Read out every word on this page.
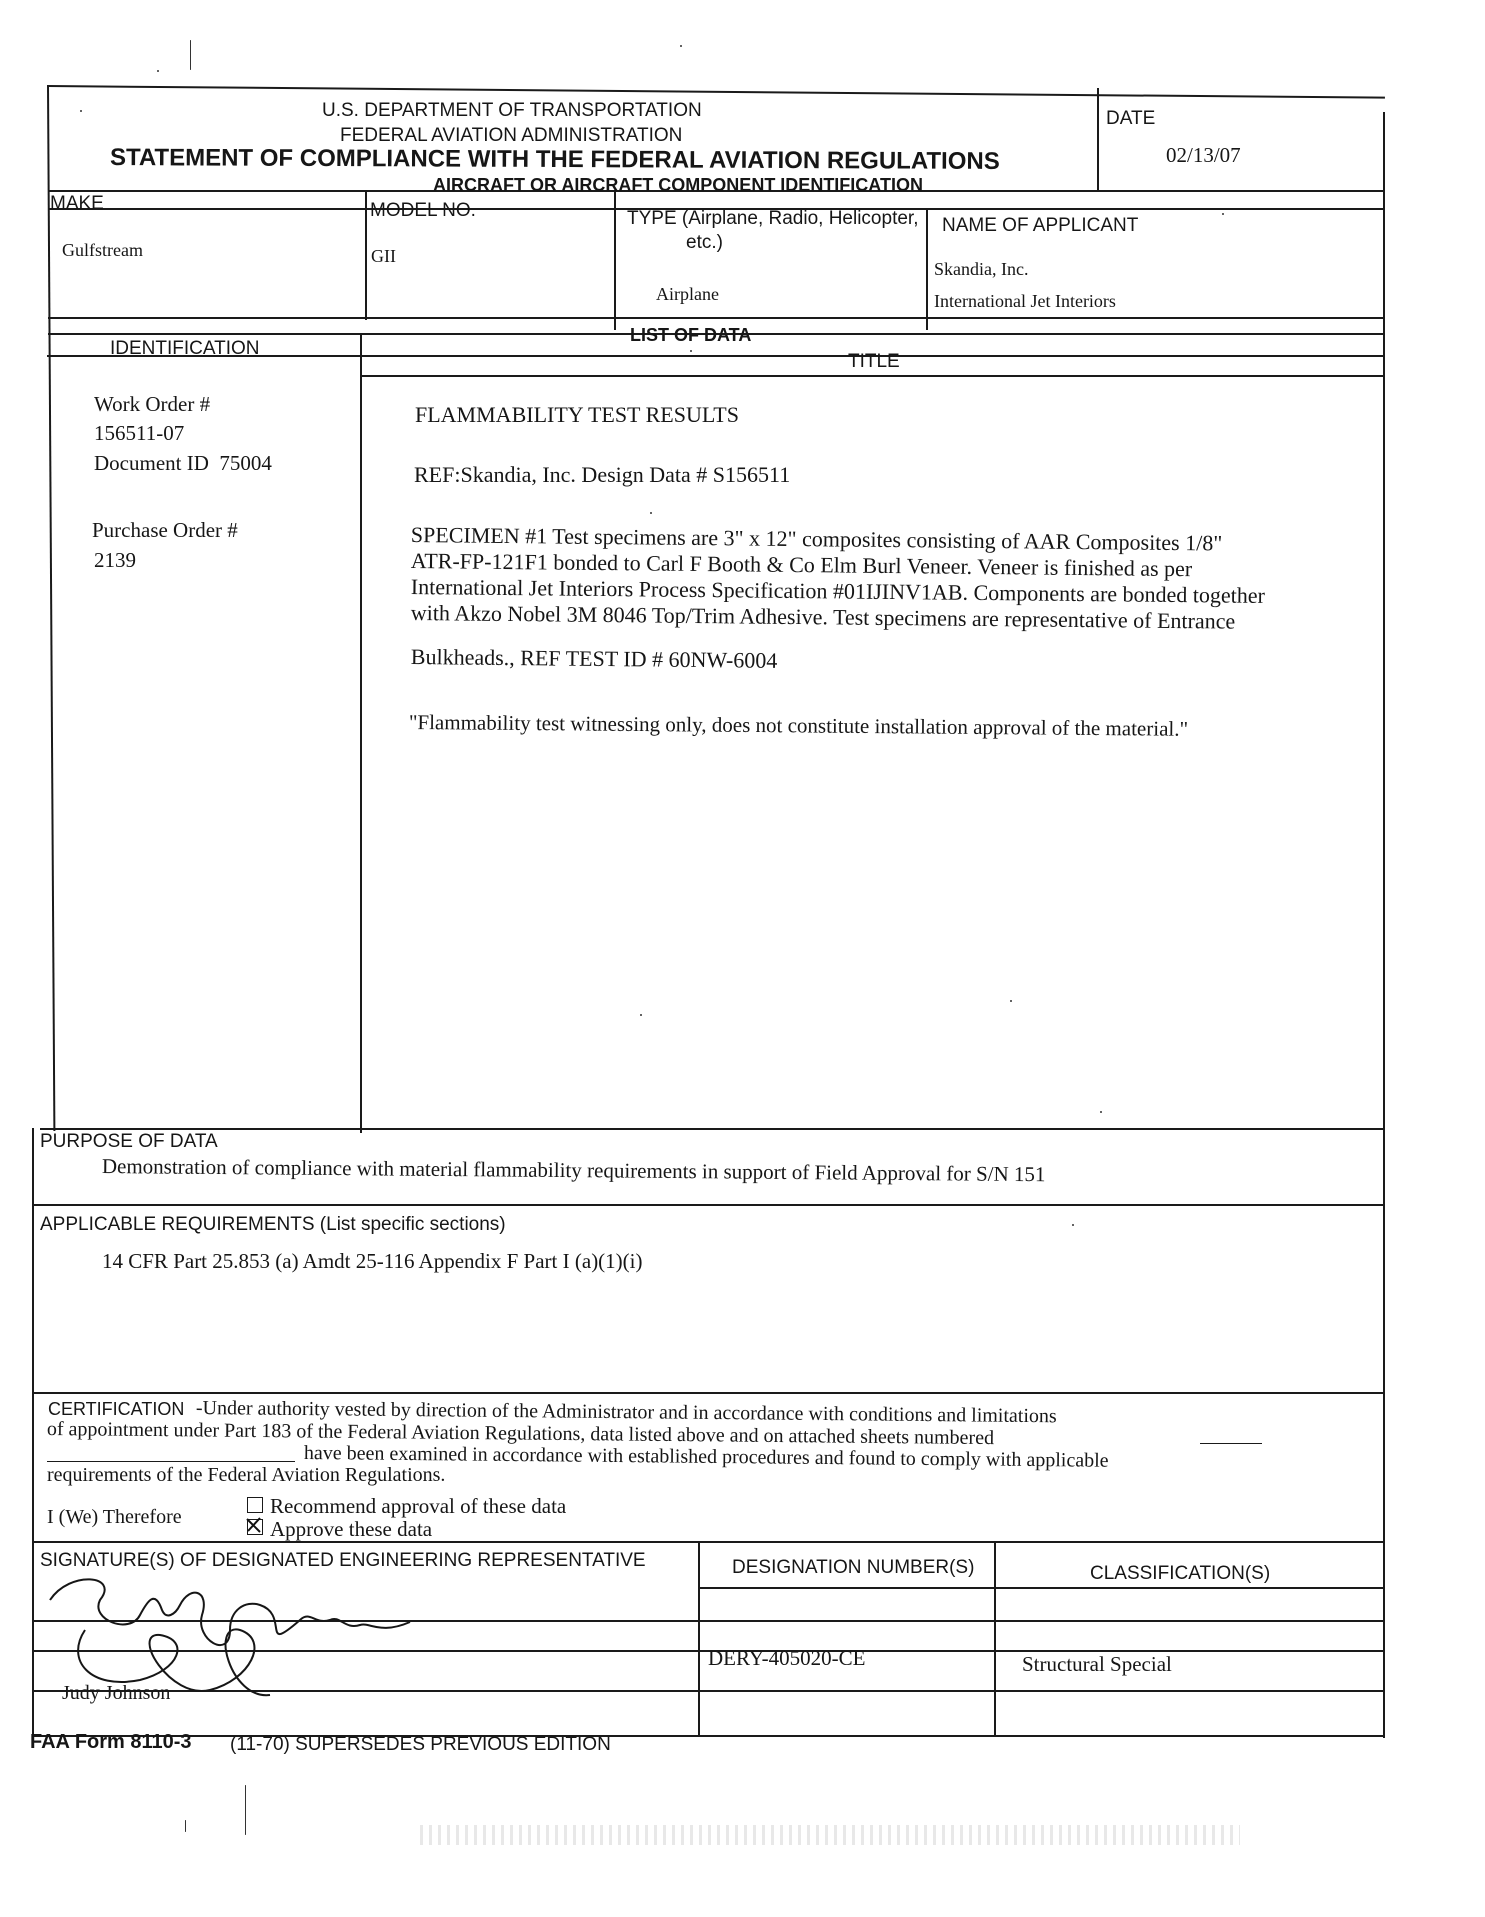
U.S. DEPARTMENT OF TRANSPORTATION
FEDERAL AVIATION ADMINISTRATION
STATEMENT OF COMPLIANCE WITH THE FEDERAL AVIATION REGULATIONS
DATE
02/13/07
AIRCRAFT OR AIRCRAFT COMPONENT IDENTIFICATION
MAKE
Gulfstream
MODEL NO.
GII
TYPE (Airplane, Radio, Helicopter,
etc.)
Airplane
NAME OF APPLICANT
Skandia, Inc.
International Jet Interiors
LIST OF DATA
IDENTIFICATION
TITLE
Work Order #
156511-07
Document ID  75004
Purchase Order #
2139
FLAMMABILITY TEST RESULTS
REF:Skandia, Inc. Design Data # S156511
SPECIMEN #1 Test specimens are 3" x 12" composites consisting of AAR Composites 1/8"
ATR-FP-121F1 bonded to Carl F Booth & Co Elm Burl Veneer. Veneer is finished as per
International Jet Interiors Process Specification #01IJINV1AB. Components are bonded together
with Akzo Nobel 3M 8046 Top/Trim Adhesive. Test specimens are representative of Entrance
Bulkheads., REF TEST ID # 60NW-6004
"Flammability test witnessing only, does not constitute installation approval of the material."
PURPOSE OF DATA
Demonstration of compliance with material flammability requirements in support of Field Approval for S/N 151
APPLICABLE REQUIREMENTS (List specific sections)
14 CFR Part 25.853 (a) Amdt 25-116 Appendix F Part I (a)(1)(i)
CERTIFICATION -Under authority vested by direction of the Administrator and in accordance with conditions and limitations
of appointment under Part 183 of the Federal Aviation Regulations, data listed above and on attached sheets numbered
have been examined in accordance with established procedures and found to comply with applicable
requirements of the Federal Aviation Regulations.
I (We) Therefore	Recommend approval of these data
Approve these data
SIGNATURE(S) OF DESIGNATED ENGINEERING REPRESENTATIVE	DESIGNATION NUMBER(S)	CLASSIFICATION(S)
Judy Johnson
DERY-405020-CE	Structural Special
FAA Form 8110-3 (11-70) SUPERSEDES PREVIOUS EDITION
